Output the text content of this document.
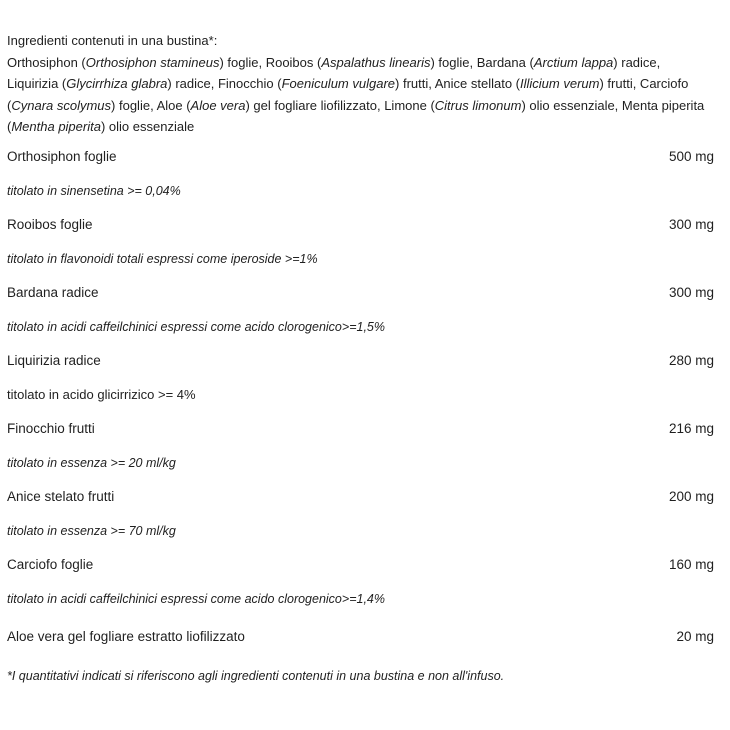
Ingredienti contenuti in una bustina*:
Orthosiphon (Orthosiphon stamineus) foglie, Rooibos (Aspalathus linearis) foglie, Bardana (Arctium lappa) radice, Liquirizia (Glycirrhiza glabra) radice, Finocchio (Foeniculum vulgare) frutti, Anice stellato (Illicium verum) frutti, Carciofo (Cynara scolymus) foglie, Aloe (Aloe vera) gel fogliare liofilizzato, Limone (Citrus limonum) olio essenziale, Menta piperita (Mentha piperita) olio essenziale

Orthosiphon foglie	500 mg
titolato in sinensetina >= 0,04%
Rooibos foglie	300 mg
titolato in flavonoidi totali espressi come iperoside >=1%
Bardana radice	300 mg
titolato in acidi caffeilchinici espressi come acido clorogenico>=1,5%
Liquirizia radice	280 mg
titolato in acido glicirrizico >= 4%
Finocchio frutti	216 mg
titolato in essenza >= 20 ml/kg
Anice stelato frutti	200 mg
titolato in essenza >= 70 ml/kg
Carciofo foglie	160 mg
titolato in acidi caffeilchinici espressi come acido clorogenico>=1,4%
Aloe vera gel fogliare estratto liofilizzato	20 mg
*I quantitativi indicati si riferiscono agli ingredienti contenuti in una bustina e non all'infuso.
